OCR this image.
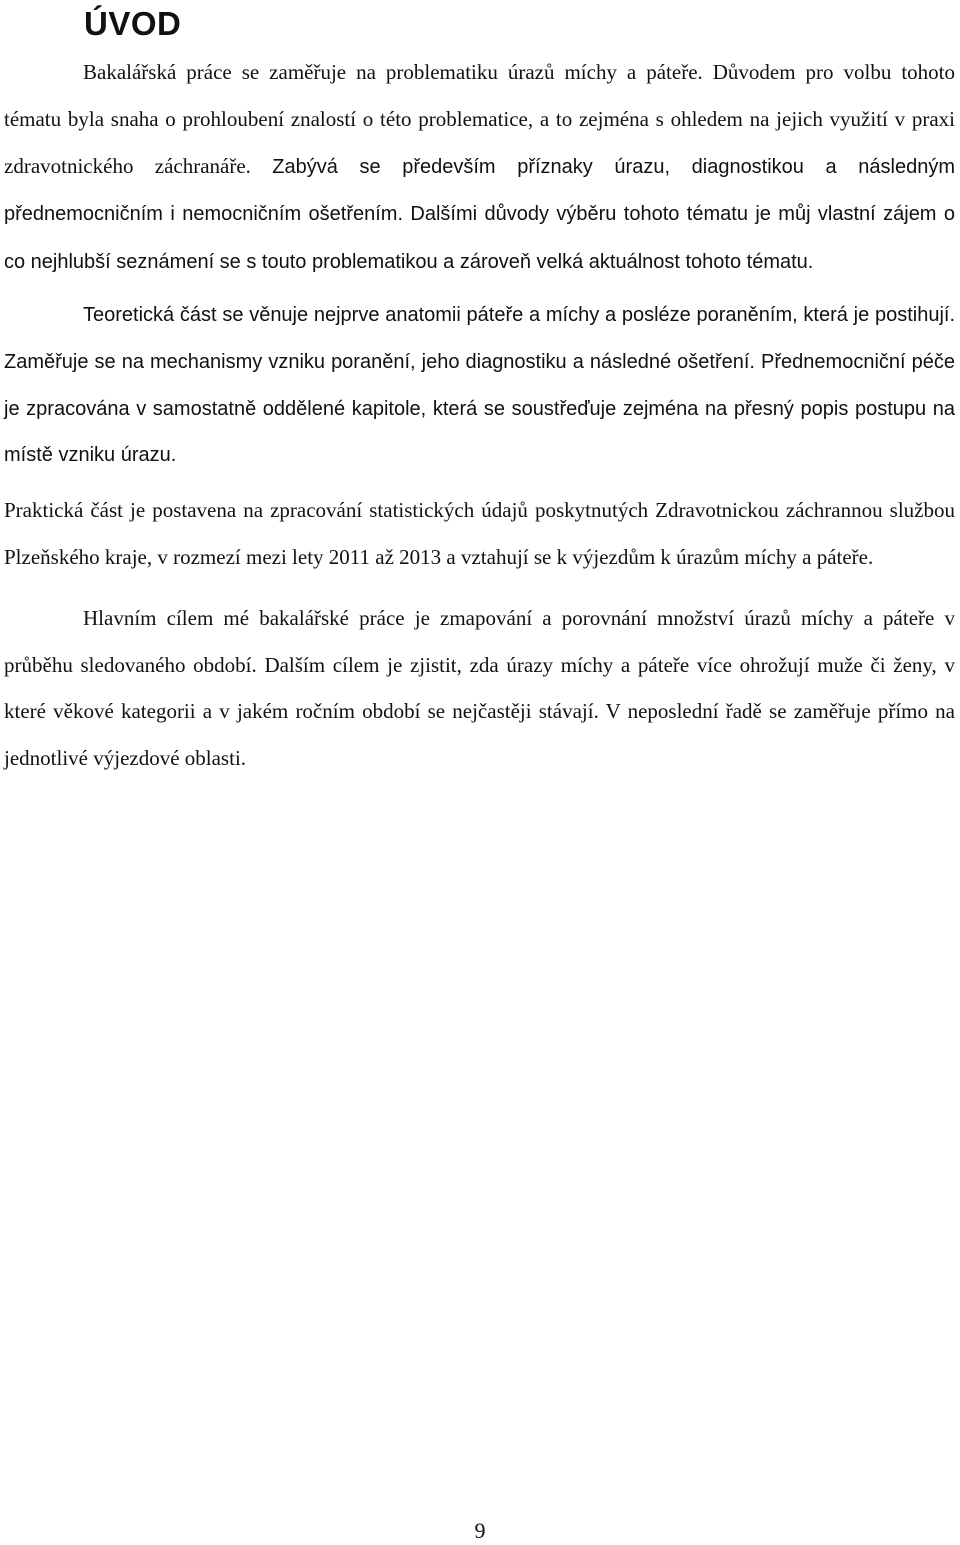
ÚVOD

Bakalářská práce se zaměřuje na problematiku úrazů míchy a páteře. Důvodem pro volbu tohoto tématu byla snaha o prohloubení znalostí o této problematice, a to zejména s ohledem na jejich využití v praxi zdravotnického záchranáře. Zabývá se především příznaky úrazu, diagnostikou a následným přednemocničním i nemocničním ošetřením. Dalšími důvody výběru tohoto tématu je můj vlastní zájem o co nejhlubší seznámení se s touto problematikou a zároveň velká aktuálnost tohoto tématu.

Teoretická část se věnuje nejprve anatomii páteře a míchy a posléze poraněním, která je postihují. Zaměřuje se na mechanismy vzniku poranění, jeho diagnostiku a následné ošetření. Přednemocniční péče je zpracována v samostatně oddělené kapitole, která se soustřeďuje zejména na přesný popis postupu na místě vzniku úrazu.

Praktická část je postavena na zpracování statistických údajů poskytnutých Zdravotnickou záchrannou službou Plzeňského kraje, v rozmezí mezi lety 2011 až 2013 a vztahují se k výjezdům k úrazům míchy a páteře.

Hlavním cílem mé bakalářské práce je zmapování a porovnání množství úrazů míchy a páteře v průběhu sledovaného období. Dalším cílem je zjistit, zda úrazy míchy a páteře více ohrožují muže či ženy, v které věkové kategorii a v jakém ročním období se nejčastěji stávají. V neposlední řadě se zaměřuje přímo na jednotlivé výjezdové oblasti.

9
